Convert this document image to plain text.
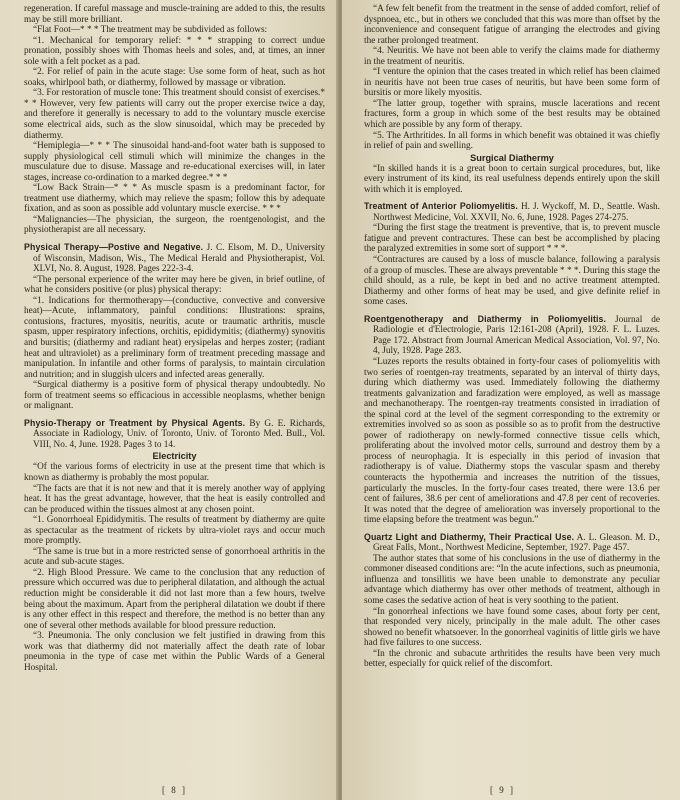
regeneration. If careful massage and muscle-training are added to this, the results may be still more brilliant.

“Flat Foot—* * * The treatment may be subdivided as follows:

“1. Mechanical for temporary relief: * * * strapping to correct undue pronation, possibly shoes with Thomas heels and soles, and, at times, an inner sole with a felt pocket as a pad.

“2. For relief of pain in the acute stage: Use some form of heat, such as hot soaks, whirlpool bath, or diathermy, followed by massage or vibration.

“3. For restoration of muscle tone: This treatment should consist of exercises.* * * However, very few patients will carry out the proper exercise twice a day, and therefore it generally is necessary to add to the voluntary muscle exercise some electrical aids, such as the slow sinusoidal, which may be preceded by diathermy.

“Hemiplegia—* * * The sinusoidal hand-and-foot water bath is supposed to supply physiological cell stimuli which will minimize the changes in the musculature due to disuse. Massage and re-educational exercises will, in later stages, increase co-ordination to a marked degree.* * *

“Low Back Strain—* * * As muscle spasm is a predominant factor, for treatment use diathermy, which may relieve the spasm; follow this by adequate fixation, and as soon as possible add voluntary muscle exercise. * * *

“Malignancies—The physician, the surgeon, the roentgenologist, and the physiotherapist are all necessary.

Physical Therapy—Postive and Negative. J. C. Elsom, M. D., University of Wisconsin, Madison, Wis., The Medical Herald and Physiotherapist, Vol. XLVI, No. 8. August, 1928. Pages 222-3-4.

“The personal experience of the writer may here be given, in brief outline, of what he considers positive (or plus) physical therapy:

“1. Indications for thermotherapy—(conductive, convective and conversive heat)—Acute, inflammatory, painful conditions: Illustrations: sprains, contusions, fractures, myositis, neuritis, acute or traumatic arthritis, muscle spasm, upper respiratory infections, orchitis, epididymitis; (diathermy) synovitis and bursitis; (diathermy and radiant heat) erysipelas and herpes zoster; (radiant heat and ultraviolet) as a preliminary form of treatment preceding massage and manipulation. In infantile and other forms of paralysis, to maintain circulation and nutrition; and in sluggish ulcers and infected areas generally.

“Surgical diathermy is a positive form of physical therapy undoubtedly. No form of treatment seems so efficacious in accessible neoplasms, whether benign or malignant.

Physio-Therapy or Treatment by Physical Agents. By G. E. Richards, Associate in Radiology, Univ. of Toronto, Univ. of Toronto Med. Bull., Vol. VIII, No. 4, June. 1928. Pages 3 to 14.

Electricity

“Of the various forms of electricity in use at the present time that which is known as diathermy is probably the most popular.

“The facts are that it is not new and that it is merely another way of applying heat. It has the great advantage, however, that the heat is easily controlled and can be produced within the tissues almost at any chosen point.

“1. Gonorrhoeal Epididymitis. The results of treatment by diathermy are quite as spectacular as the treatment of rickets by ultra-violet rays and occur much more promptly.

“The same is true but in a more restricted sense of gonorrhoeal arthritis in the acute and sub-acute stages.

“2. High Blood Pressure. We came to the conclusion that any reduction of pressure which occurred was due to peripheral dilatation, and although the actual reduction might be considerable it did not last more than a few hours, twelve being about the maximum. Apart from the peripheral dilatation we doubt if there is any other effect in this respect and therefore, the method is no better than any one of several other methods available for blood pressure reduction.

“3. Pneumonia. The only conclusion we felt justified in drawing from this work was that diathermy did not materially affect the death rate of lobar pneumonia in the type of case met within the Public Wards of a General Hospital.

[ 8 ]

“A few felt benefit from the treatment in the sense of added comfort, relief of dyspnoea, etc., but in others we concluded that this was more than offset by the inconvenience and consequent fatigue of arranging the electrodes and giving the rather prolonged treatment.

“4. Neuritis. We have not been able to verify the claims made for diathermy in the treatment of neuritis.

“I venture the opinion that the cases treated in which relief has been claimed in neuritis have not been true cases of neuritis, but have been some form of bursitis or more likely myositis.

“The latter group, together with sprains, muscle lacerations and recent fractures, form a group in which some of the best results may be obtained which are possible by any form of therapy.

“5. The Arthritides. In all forms in which benefit was obtained it was chiefly in relief of pain and swelling.

Surgical Diathermy

“In skilled hands it is a great boon to certain surgical procedures, but, like every instrument of its kind, its real usefulness depends entirely upon the skill with which it is employed.

Treatment of Anterior Poliomyelitis. H. J. Wyckoff, M. D., Seattle. Wash. Northwest Medicine, Vol. XXVII, No. 6, June, 1928. Pages 274-275.

“During the first stage the treatment is preventive, that is, to prevent muscle fatigue and prevent contractures. These can best be accomplished by placing the paralyzed extremities in some sort of support * * *.

“Contractures are caused by a loss of muscle balance, following a paralysis of a group of muscles. These are always preventable * * *. During this stage the child should, as a rule, be kept in bed and no active treatment attempted. Diathermy and other forms of heat may be used, and give definite relief in some cases.

Roentgenotherapy and Diathermy in Poliomyelitis. Journal de Radiologie et d'Electrologie, Paris 12:161-208 (April), 1928. F. L. Luzes. Page 172. Abstract from Journal American Medical Association, Vol. 97, No. 4, July, 1928. Page 283.

“Luzes reports the results obtained in forty-four cases of poliomyelitis with two series of roentgen-ray treatments, separated by an interval of thirty days, during which diathermy was used. Immediately following the diathermy treatments galvanization and faradization were employed, as well as massage and mechanotherapy. The roentgen-ray treatments consisted in irradiation of the spinal cord at the level of the segment corresponding to the extremity or extremities involved so as soon as possible so as to profit from the destructive power of radiotherapy on newly-formed connective tissue cells which, proliferating about the involved motor cells, surround and destroy them by a process of neurophagia. It is especially in this period of invasion that radiotherapy is of value. Diathermy stops the vascular spasm and thereby counteracts the hypothermia and increases the nutrition of the tissues, particularly the muscles. In the forty-four cases treated, there were 13.6 per cent of failures, 38.6 per cent of ameliorations and 47.8 per cent of recoveries. It was noted that the degree of amelioration was inversely proportional to the time elapsing before the treatment was begun.”

Quartz Light and Diathermy, Their Practical Use. A. L. Gleason. M. D., Great Falls, Mont., Northwest Medicine, September, 1927. Page 457.

The author states that some of his conclusions in the use of diathermy in the commoner diseased conditions are: “In the acute infections, such as pneumonia, influenza and tonsillitis we have been unable to demonstrate any peculiar advantage which diathermy has over other methods of treatment, although in some cases the sedative action of heat is very soothing to the patient.

“In gonorrheal infections we have found some cases, about forty per cent, that responded very nicely, principally in the male adult. The other cases showed no benefit whatsoever. In the gonorrheal vaginitis of little girls we have had five failures to one success.

“In the chronic and subacute arthritides the results have been very much better, especially for quick relief of the discomfort.

[ 9 ]
